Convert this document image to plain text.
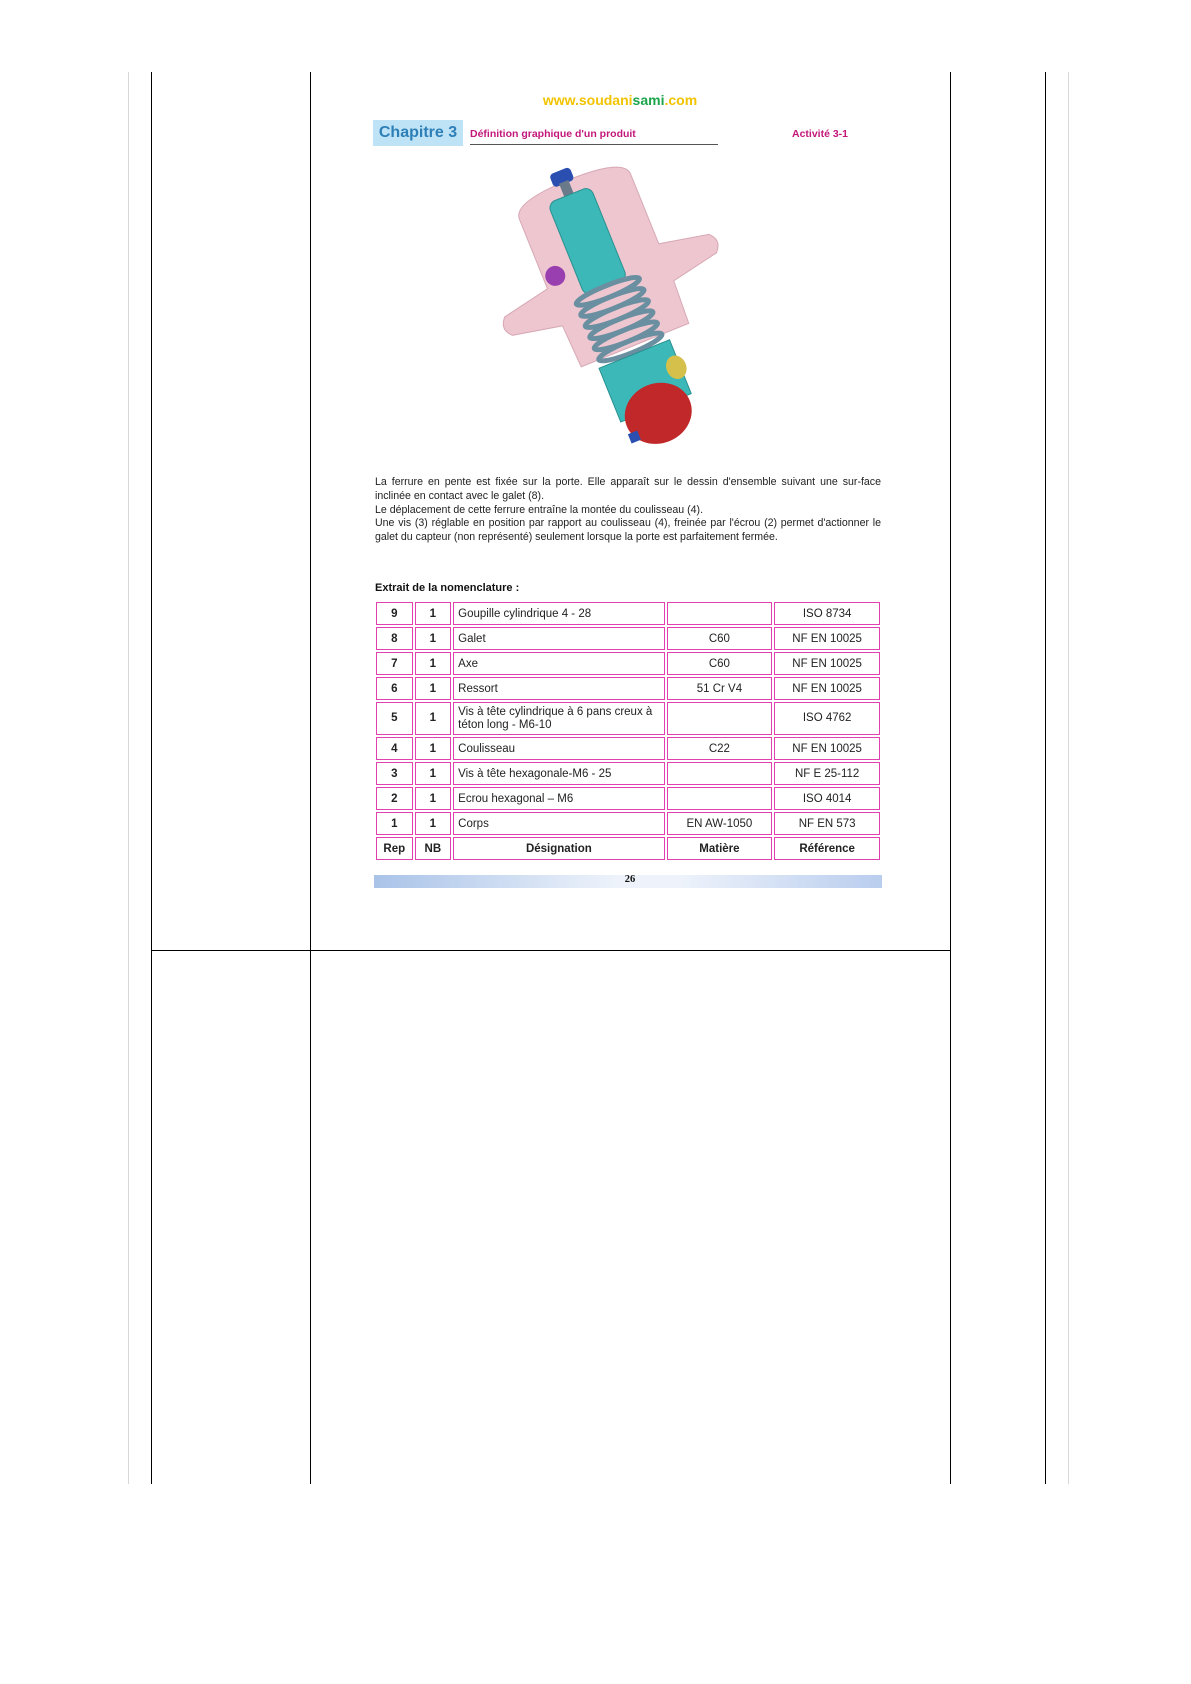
www.soudanisami.com
Chapitre 3	Définition graphique d'un produit	Activité 3-1

La ferrure en pente est fixée sur la porte. Elle apparaît sur le dessin d'ensemble suivant une sur-face inclinée en contact avec le galet (8).

Le déplacement de cette ferrure entraîne la montée du coulisseau (4).

Une vis (3) réglable en position par rapport au coulisseau (4), freinée par l'écrou (2) permet d'actionner le galet du capteur (non représenté) seulement lorsque la porte est parfaitement fermée.

Extrait de la nomenclature :
9	1	Goupille cylindrique 4 - 28		ISO 8734
8	1	Galet	C60	NF EN 10025
7	1	Axe	C60	NF EN 10025
6	1	Ressort	51 Cr V4	NF EN 10025
5	1	Vis à tête cylindrique à 6 pans creux à téton long - M6-10		ISO 4762
4	1	Coulisseau	C22	NF EN 10025
3	1	Vis à tête hexagonale-M6 - 25		NF E 25-112
2	1	Ecrou hexagonal – M6		ISO 4014
1	1	Corps	EN AW-1050	NF EN 573
Rep	NB	Désignation	Matière	Référence
26
